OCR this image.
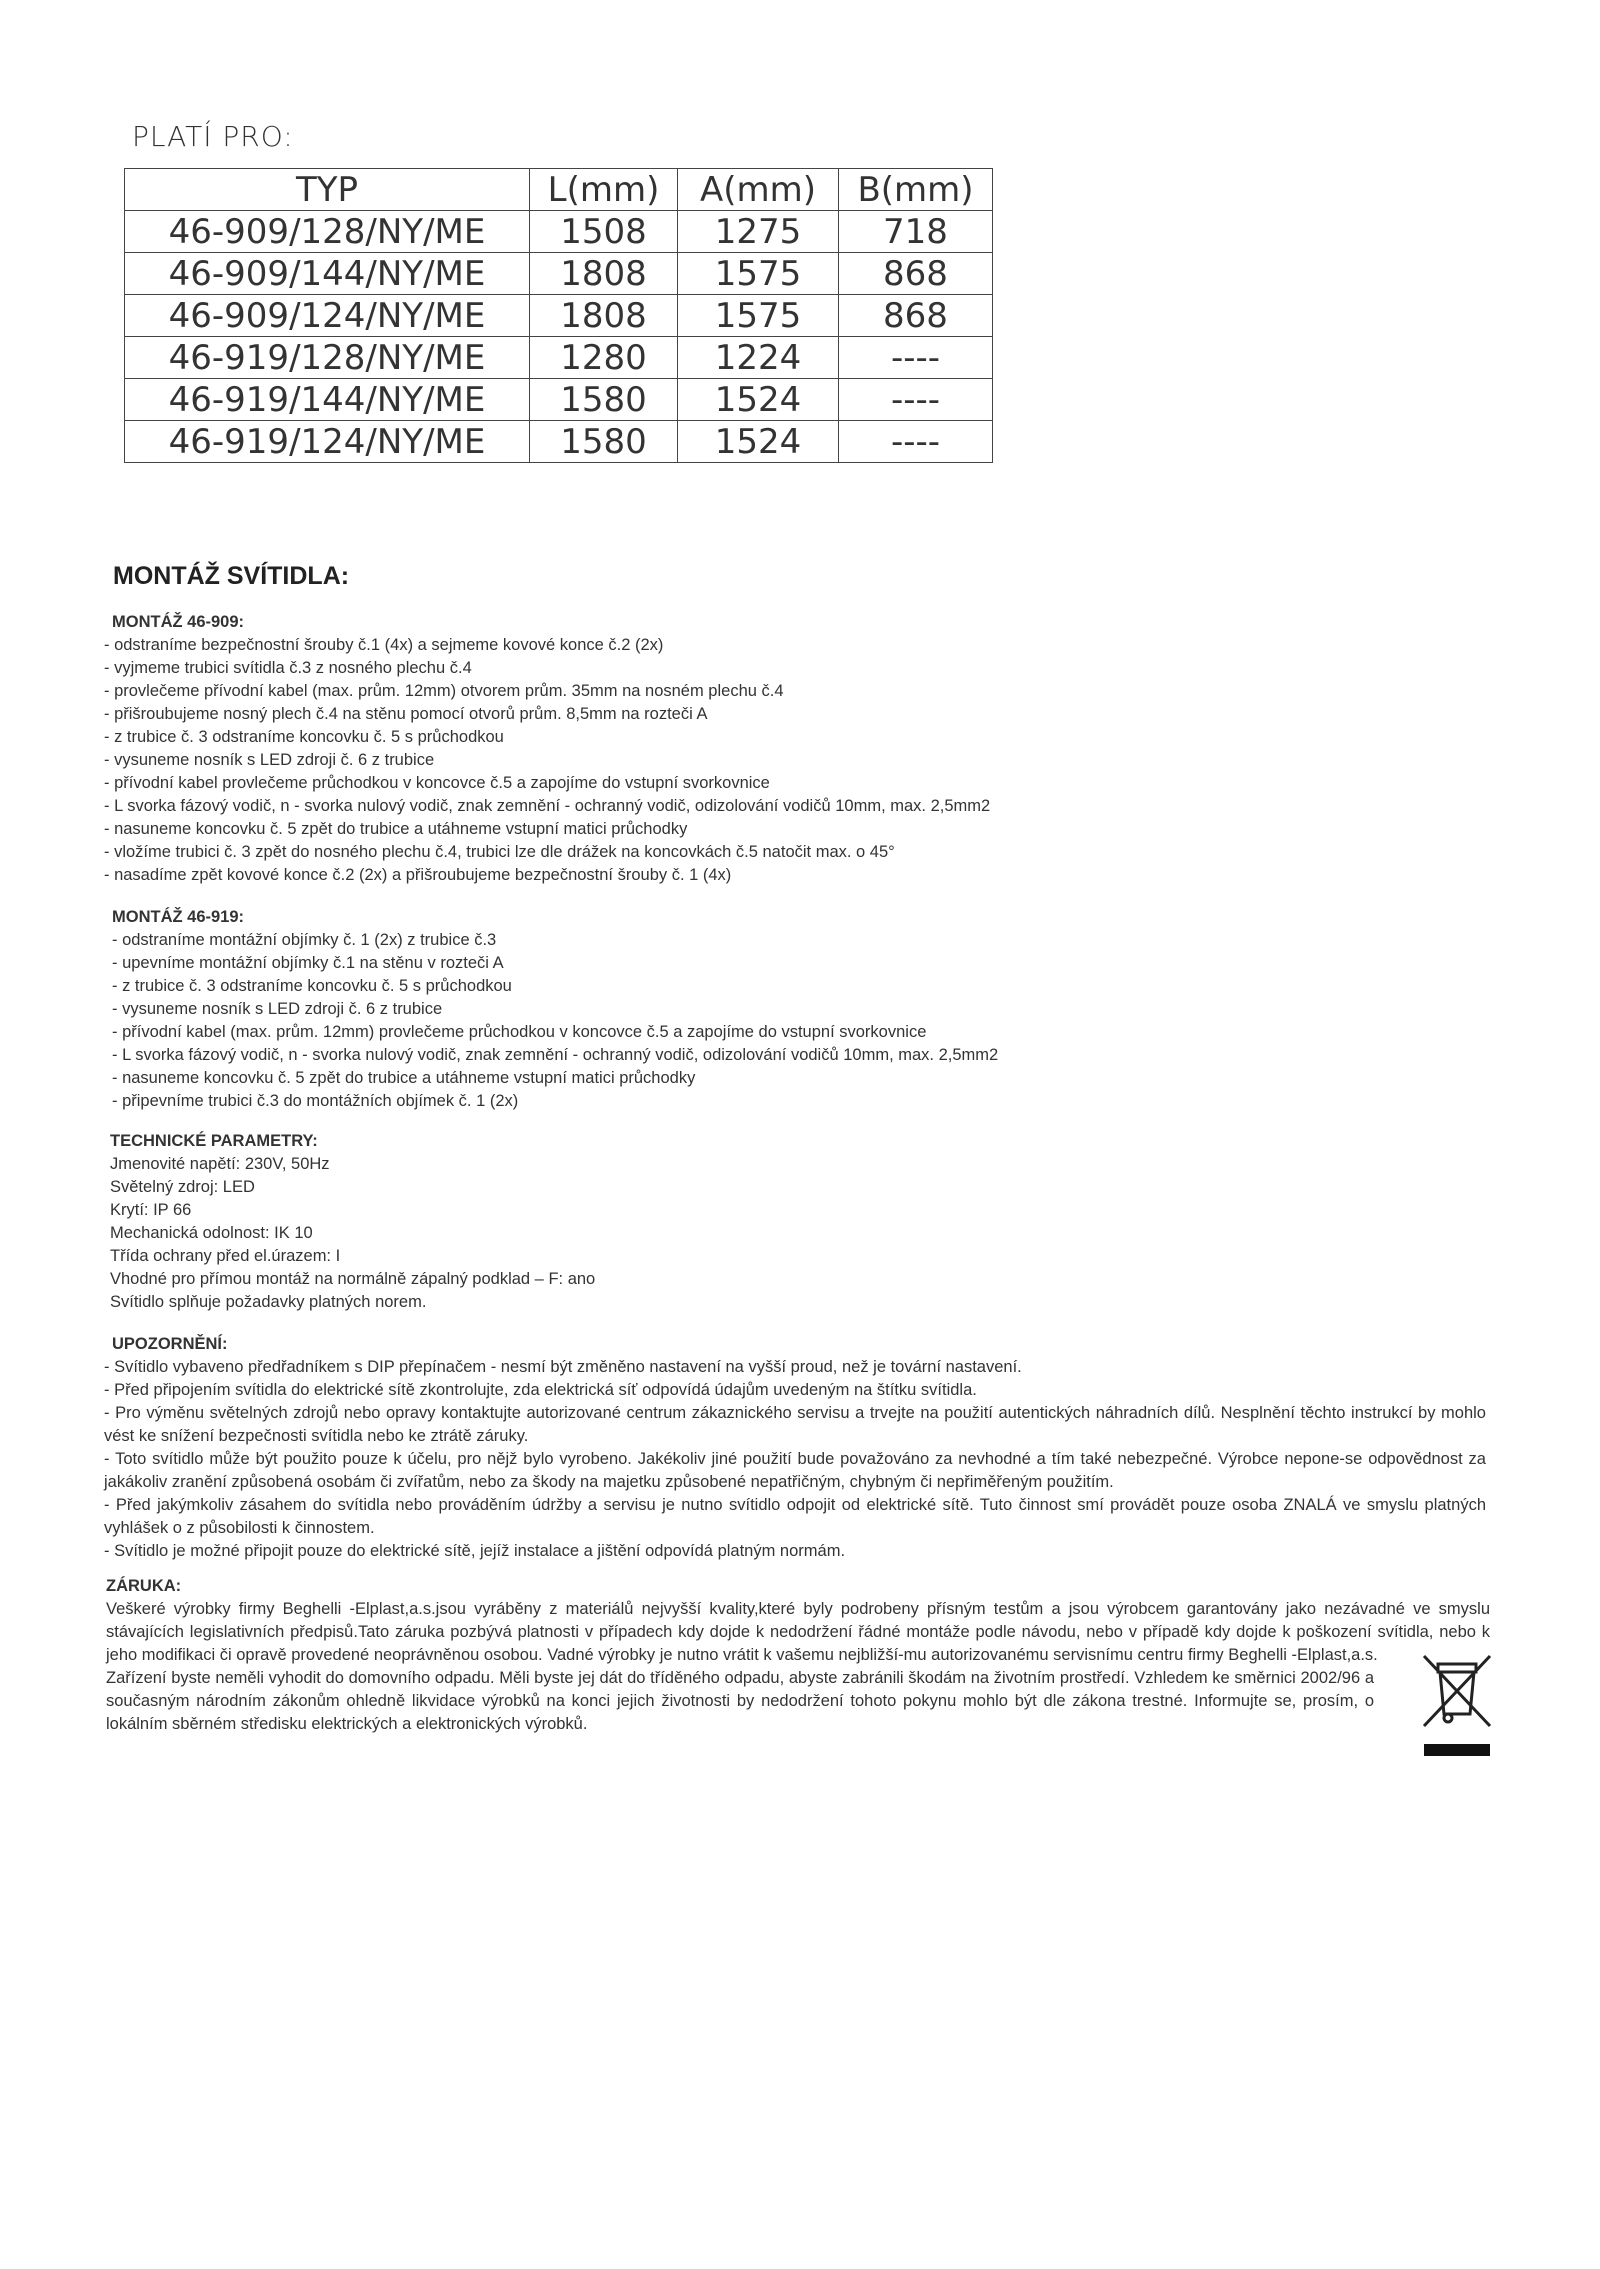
PLATÍ PRO:
TYP	L(mm)	A(mm)	B(mm)
46-909/128/NY/ME	1508	1275	718
46-909/144/NY/ME	1808	1575	868
46-909/124/NY/ME	1808	1575	868
46-919/128/NY/ME	1280	1224	----
46-919/144/NY/ME	1580	1524	----
46-919/124/NY/ME	1580	1524	----
MONTÁŽ SVÍTIDLA:
MONTÁŽ 46-909:
- odstraníme bezpečnostní šrouby č.1 (4x) a sejmeme kovové konce č.2 (2x)
- vyjmeme trubici svítidla č.3 z nosného plechu č.4
- provlečeme přívodní kabel (max. prům. 12mm) otvorem prům. 35mm na nosném plechu č.4
- přišroubujeme nosný plech č.4 na stěnu pomocí otvorů prům. 8,5mm na rozteči A
- z trubice č. 3 odstraníme koncovku č. 5 s průchodkou
- vysuneme nosník s LED zdroji č. 6 z trubice
- přívodní kabel provlečeme průchodkou v koncovce č.5 a zapojíme do vstupní svorkovnice
- L svorka fázový vodič, n - svorka nulový vodič, znak zemnění - ochranný vodič, odizolování vodičů 10mm, max. 2,5mm2
- nasuneme koncovku č. 5 zpět do trubice a utáhneme vstupní matici průchodky
- vložíme trubici č. 3 zpět do nosného plechu č.4, trubici lze dle drážek na koncovkách č.5 natočit max. o 45°
- nasadíme zpět kovové konce č.2 (2x) a přišroubujeme bezpečnostní šrouby č. 1 (4x)
MONTÁŽ 46-919:
- odstraníme montážní objímky č. 1 (2x) z trubice č.3
- upevníme montážní objímky č.1 na stěnu v rozteči A
- z trubice č. 3 odstraníme koncovku č. 5 s průchodkou
- vysuneme nosník s LED zdroji č. 6 z trubice
- přívodní kabel (max. prům. 12mm) provlečeme průchodkou v koncovce č.5 a zapojíme do vstupní svorkovnice
- L svorka fázový vodič, n - svorka nulový vodič, znak zemnění - ochranný vodič, odizolování vodičů 10mm, max. 2,5mm2
- nasuneme koncovku č. 5 zpět do trubice a utáhneme vstupní matici průchodky
- připevníme trubici č.3 do montážních objímek č. 1 (2x)
TECHNICKÉ PARAMETRY:
Jmenovité napětí: 230V, 50Hz
Světelný zdroj: LED
Krytí: IP 66
Mechanická odolnost: IK 10
Třída ochrany před el.úrazem: I
Vhodné pro přímou montáž na normálně zápalný podklad – F: ano
Svítidlo splňuje požadavky platných norem.
UPOZORNĚNÍ:
- Svítidlo vybaveno předřadníkem s DIP přepínačem - nesmí být změněno nastavení na vyšší proud, než je tovární nastavení.
- Před připojením svítidla do elektrické sítě zkontrolujte, zda elektrická síť odpovídá údajům uvedeným na štítku svítidla.
- Pro výměnu světelných zdrojů nebo opravy kontaktujte autorizované centrum zákaznického servisu a trvejte na použití autentických náhradních dílů. Nesplnění těchto instrukcí by mohlo vést ke snížení bezpečnosti svítidla nebo ke ztrátě záruky.
- Toto svítidlo může být použito pouze k účelu, pro nějž bylo vyrobeno. Jakékoliv jiné použití bude považováno za nevhodné a tím také nebezpečné. Výrobce nepone-se odpovědnost za jakákoliv zranění způsobená osobám či zvířatům, nebo za škody na majetku způsobené nepatřičným, chybným či nepřiměřeným použitím.
- Před jakýmkoliv zásahem do svítidla nebo prováděním údržby a servisu je nutno svítidlo odpojit od elektrické sítě. Tuto činnost smí provádět pouze osoba ZNALÁ ve smyslu platných vyhlášek o z působilosti k činnostem.
- Svítidlo je možné připojit pouze do elektrické sítě, jejíž instalace a jištění odpovídá platným normám.
ZÁRUKA:
Veškeré výrobky firmy Beghelli -Elplast,a.s.jsou vyráběny z materiálů nejvyšší kvality,které byly podrobeny přísným testům a jsou výrobcem garantovány jako nezávadné ve smyslu stávajících legislativních předpisů.Tato záruka pozbývá platnosti v případech kdy dojde k nedodržení řádné montáže podle návodu, nebo v případě kdy dojde k poškození svítidla, nebo k jeho modifikaci či opravě provedené neoprávněnou osobou. Vadné výrobky je nutno vrátit k vašemu nejbližší-mu autorizovanému servisnímu centru firmy Beghelli -Elplast,a.s.
Zařízení byste neměli vyhodit do domovního odpadu. Měli byste jej dát do tříděného odpadu, abyste zabránili škodám na životním prostředí. Vzhledem ke směrnici 2002/96 a současným národním zákonům ohledně likvidace výrobků na konci jejich životnosti by nedodržení tohoto pokynu mohlo být dle zákona trestné. Informujte se, prosím, o lokálním sběrném středisku elektrických a elektronických výrobků.
